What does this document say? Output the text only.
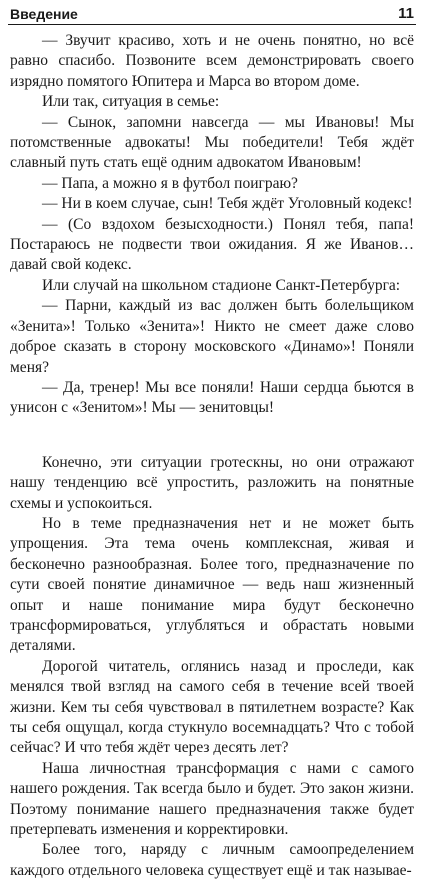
Введение	11

— Звучит красиво, хоть и не очень понятно, но всё равно спасибо. Позвоните всем демонстрировать своего изрядно помятого Юпитера и Марса во втором доме.

Или так, ситуация в семье:

— Сынок, запомни навсегда — мы Ивановы! Мы потомственные адвокаты! Мы победители! Тебя ждёт славный путь стать ещё одним адвокатом Ивановым!

— Папа, а можно я в футбол поиграю?

— Ни в коем случае, сын! Тебя ждёт Уголовный кодекс!

— (Со вздохом безысходности.) Понял тебя, папа! Постараюсь не подвести твои ожидания. Я же Иванов… давай свой кодекс.

Или случай на школьном стадионе Санкт-Петербурга:

— Парни, каждый из вас должен быть болельщиком «Зенита»! Только «Зенита»! Никто не смеет даже слово доброе сказать в сторону московского «Динамо»! Поняли меня?

— Да, тренер! Мы все поняли! Наши сердца бьются в унисон с «Зенитом»! Мы — зенитовцы!

Конечно, эти ситуации гротескны, но они отражают нашу тенденцию всё упростить, разложить на понятные схемы и успокоиться.

Но в теме предназначения нет и не может быть упрощения. Эта тема очень комплексная, живая и бесконечно разнообразная. Более того, предназначение по сути своей понятие динамичное — ведь наш жизненный опыт и наше понимание мира будут бесконечно трансформироваться, углубляться и обрастать новыми деталями.

Дорогой читатель, оглянись назад и проследи, как менялся твой взгляд на самого себя в течение всей твоей жизни. Кем ты себя чувствовал в пятилетнем возрасте? Как ты себя ощущал, когда стукнуло восемнадцать? Что с тобой сейчас? И что тебя ждёт через десять лет?

Наша личностная трансформация с нами с самого нашего рождения. Так всегда было и будет. Это закон жизни. Поэтому понимание нашего предназначения также будет претерпевать изменения и корректировки.

Более того, наряду с личным самоопределением каждого отдельного человека существует ещё и так называе-
